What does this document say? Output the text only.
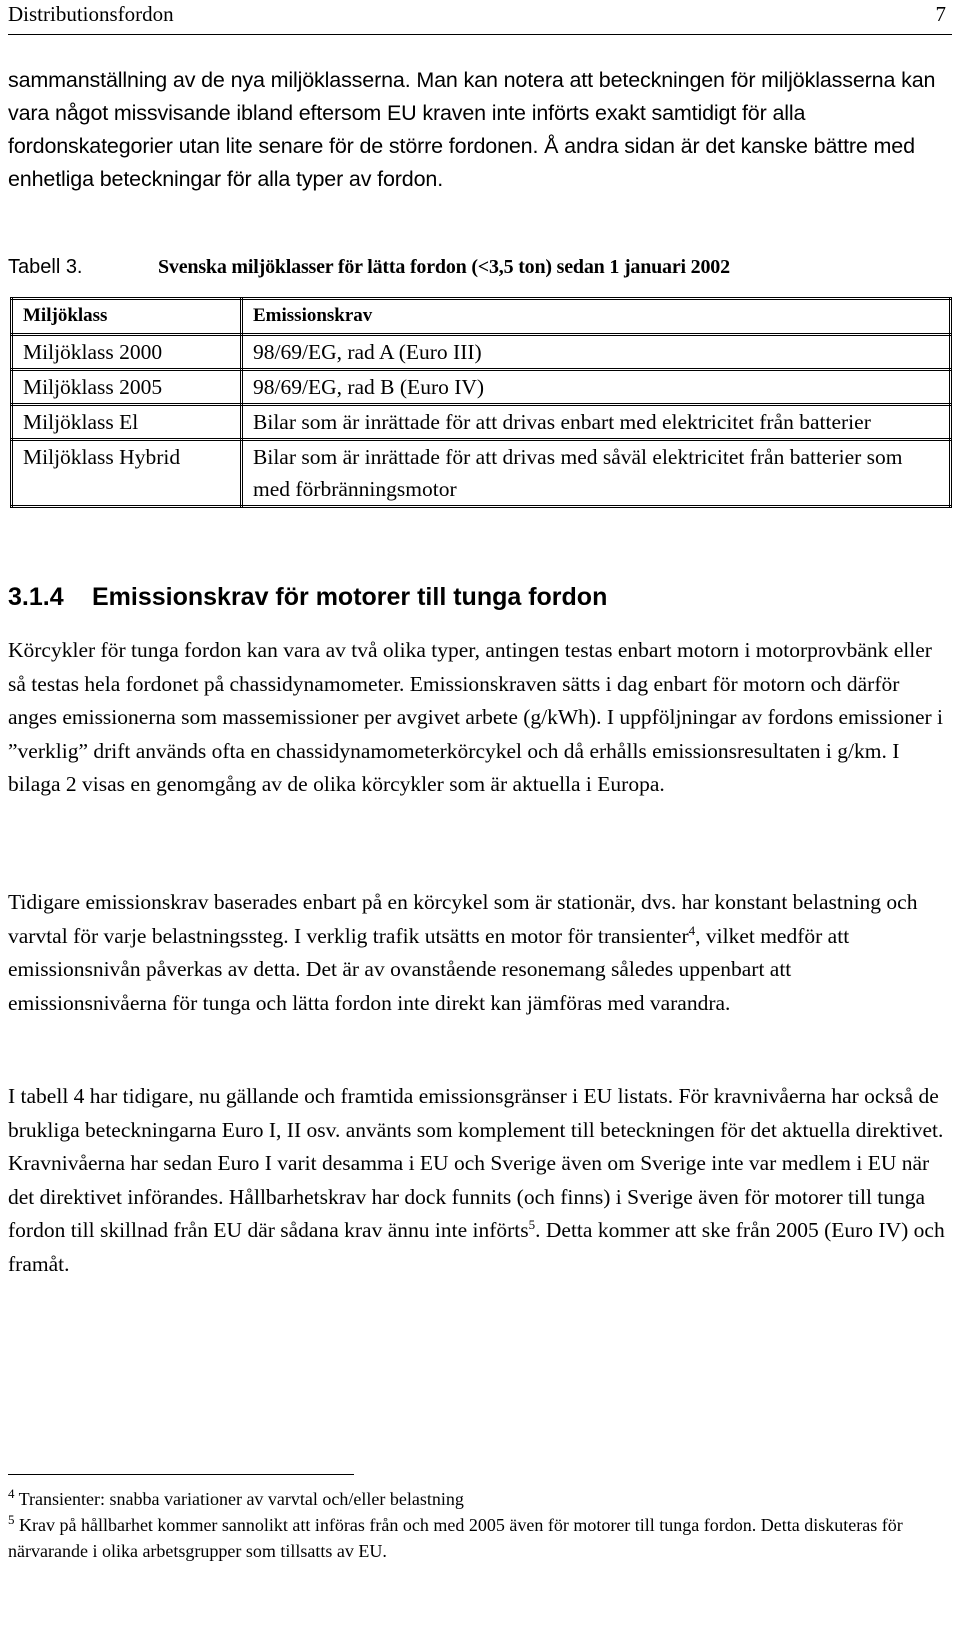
Distributionsfordon	7
sammanställning av de nya miljöklasserna. Man kan notera att beteckningen för miljöklasserna kan vara något missvisande ibland eftersom EU kraven inte införts exakt samtidigt för alla fordonskategorier utan lite senare för de större fordonen. Å andra sidan är det kanske bättre med enhetliga beteckningar för alla typer av fordon.
Tabell 3.	Svenska miljöklasser för lätta fordon (<3,5 ton) sedan 1 januari 2002
Miljöklass	Emissionskrav
Miljöklass 2000	98/69/EG, rad A (Euro III)
Miljöklass 2005	98/69/EG, rad B (Euro IV)
Miljöklass El	Bilar som är inrättade för att drivas enbart med elektricitet från batterier
Miljöklass Hybrid	Bilar som är inrättade för att drivas med såväl elektricitet från batterier som med förbränningsmotor
3.1.4 Emissionskrav för motorer till tunga fordon
Körcykler för tunga fordon kan vara av två olika typer, antingen testas enbart motorn i motorprovbänk eller så testas hela fordonet på chassidynamometer. Emissionskraven sätts i dag enbart för motorn och därför anges emissionerna som massemissioner per avgivet arbete (g/kWh). I uppföljningar av fordons emissioner i ”verklig” drift används ofta en chassidynamometerkörcykel och då erhålls emissionsresultaten i g/km. I bilaga 2 visas en genomgång av de olika körcykler som är aktuella i Europa.
Tidigare emissionskrav baserades enbart på en körcykel som är stationär, dvs. har konstant belastning och varvtal för varje belastningssteg. I verklig trafik utsätts en motor för transienter$^4$, vilket medför att emissionsnivån påverkas av detta. Det är av ovanstående resonemang således uppenbart att emissionsnivåerna för tunga och lätta fordon inte direkt kan jämföras med varandra.
I tabell 4 har tidigare, nu gällande och framtida emissionsgränser i EU listats. För kravnivåerna har också de brukliga beteckningarna Euro I, II osv. använts som komplement till beteckningen för det aktuella direktivet. Kravnivåerna har sedan Euro I varit desamma i EU och Sverige även om Sverige inte var medlem i EU när det direktivet införandes. Hållbarhetskrav har dock funnits (och finns) i Sverige även för motorer till tunga fordon till skillnad från EU där sådana krav ännu inte införts$^5$. Detta kommer att ske från 2005 (Euro IV) och framåt.
$^4$ Transienter: snabba variationer av varvtal och/eller belastning
$^5$ Krav på hållbarhet kommer sannolikt att införas från och med 2005 även för motorer till tunga fordon. Detta diskuteras för närvarande i olika arbetsgrupper som tillsatts av EU.
